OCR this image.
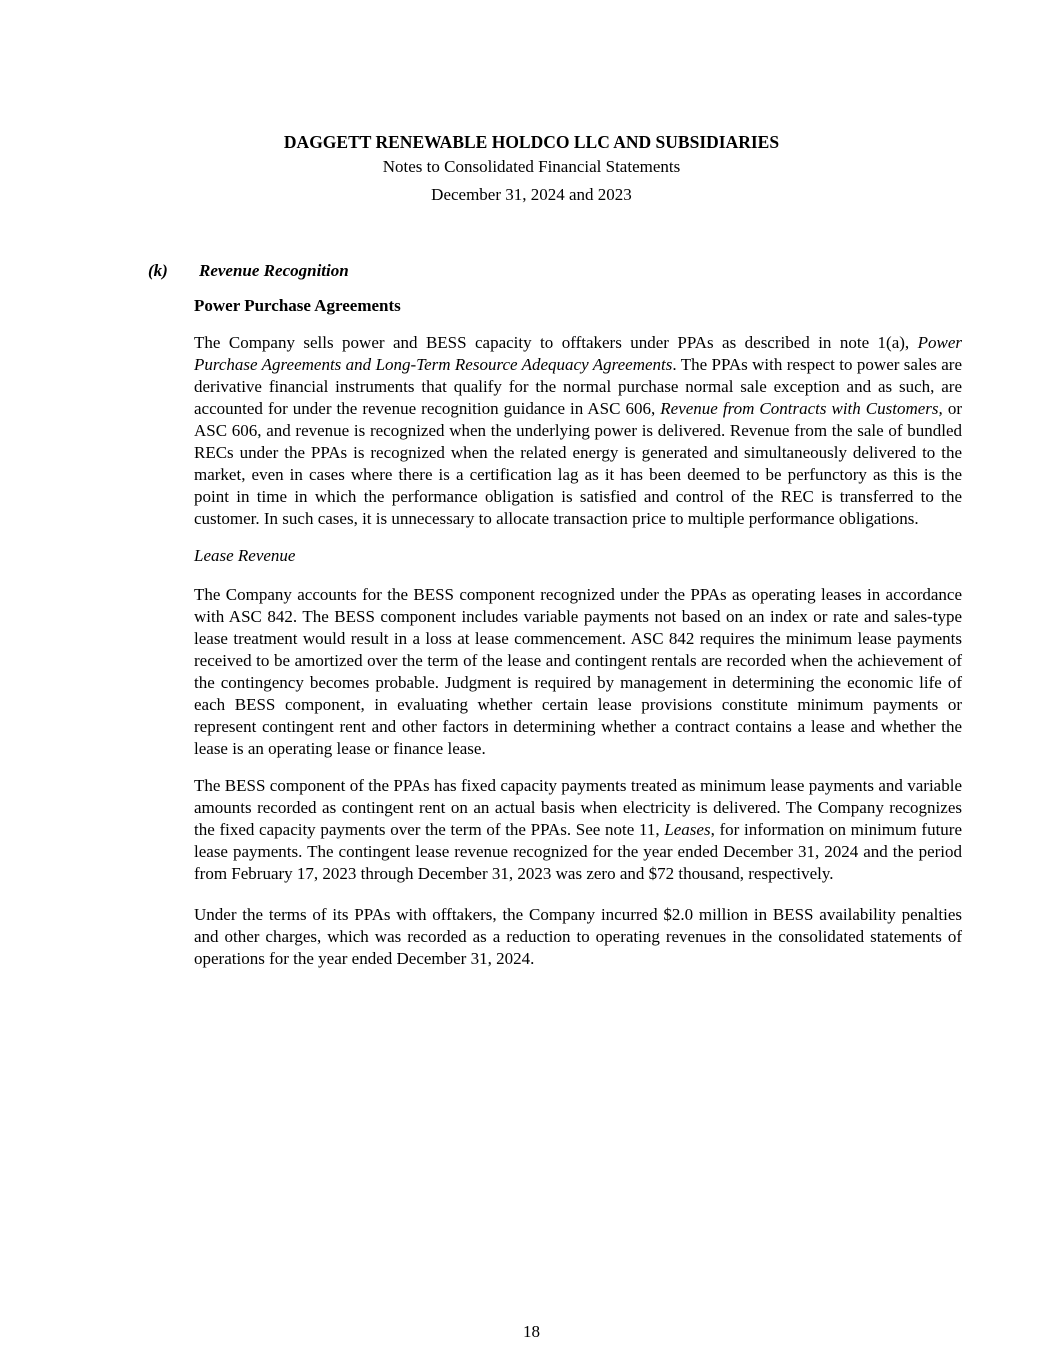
DAGGETT RENEWABLE HOLDCO LLC AND SUBSIDIARIES

Notes to Consolidated Financial Statements

December 31, 2024 and 2023

(k) Revenue Recognition

Power Purchase Agreements

The Company sells power and BESS capacity to offtakers under PPAs as described in note 1(a), Power Purchase Agreements and Long-Term Resource Adequacy Agreements. The PPAs with respect to power sales are derivative financial instruments that qualify for the normal purchase normal sale exception and as such, are accounted for under the revenue recognition guidance in ASC 606, Revenue from Contracts with Customers, or ASC 606, and revenue is recognized when the underlying power is delivered. Revenue from the sale of bundled RECs under the PPAs is recognized when the related energy is generated and simultaneously delivered to the market, even in cases where there is a certification lag as it has been deemed to be perfunctory as this is the point in time in which the performance obligation is satisfied and control of the REC is transferred to the customer. In such cases, it is unnecessary to allocate transaction price to multiple performance obligations.

Lease Revenue

The Company accounts for the BESS component recognized under the PPAs as operating leases in accordance with ASC 842. The BESS component includes variable payments not based on an index or rate and sales-type lease treatment would result in a loss at lease commencement. ASC 842 requires the minimum lease payments received to be amortized over the term of the lease and contingent rentals are recorded when the achievement of the contingency becomes probable. Judgment is required by management in determining the economic life of each BESS component, in evaluating whether certain lease provisions constitute minimum payments or represent contingent rent and other factors in determining whether a contract contains a lease and whether the lease is an operating lease or finance lease.

The BESS component of the PPAs has fixed capacity payments treated as minimum lease payments and variable amounts recorded as contingent rent on an actual basis when electricity is delivered. The Company recognizes the fixed capacity payments over the term of the PPAs. See note 11, Leases, for information on minimum future lease payments. The contingent lease revenue recognized for the year ended December 31, 2024 and the period from February 17, 2023 through December 31, 2023 was zero and $72 thousand, respectively.

Under the terms of its PPAs with offtakers, the Company incurred $2.0 million in BESS availability penalties and other charges, which was recorded as a reduction to operating revenues in the consolidated statements of operations for the year ended December 31, 2024.

18
